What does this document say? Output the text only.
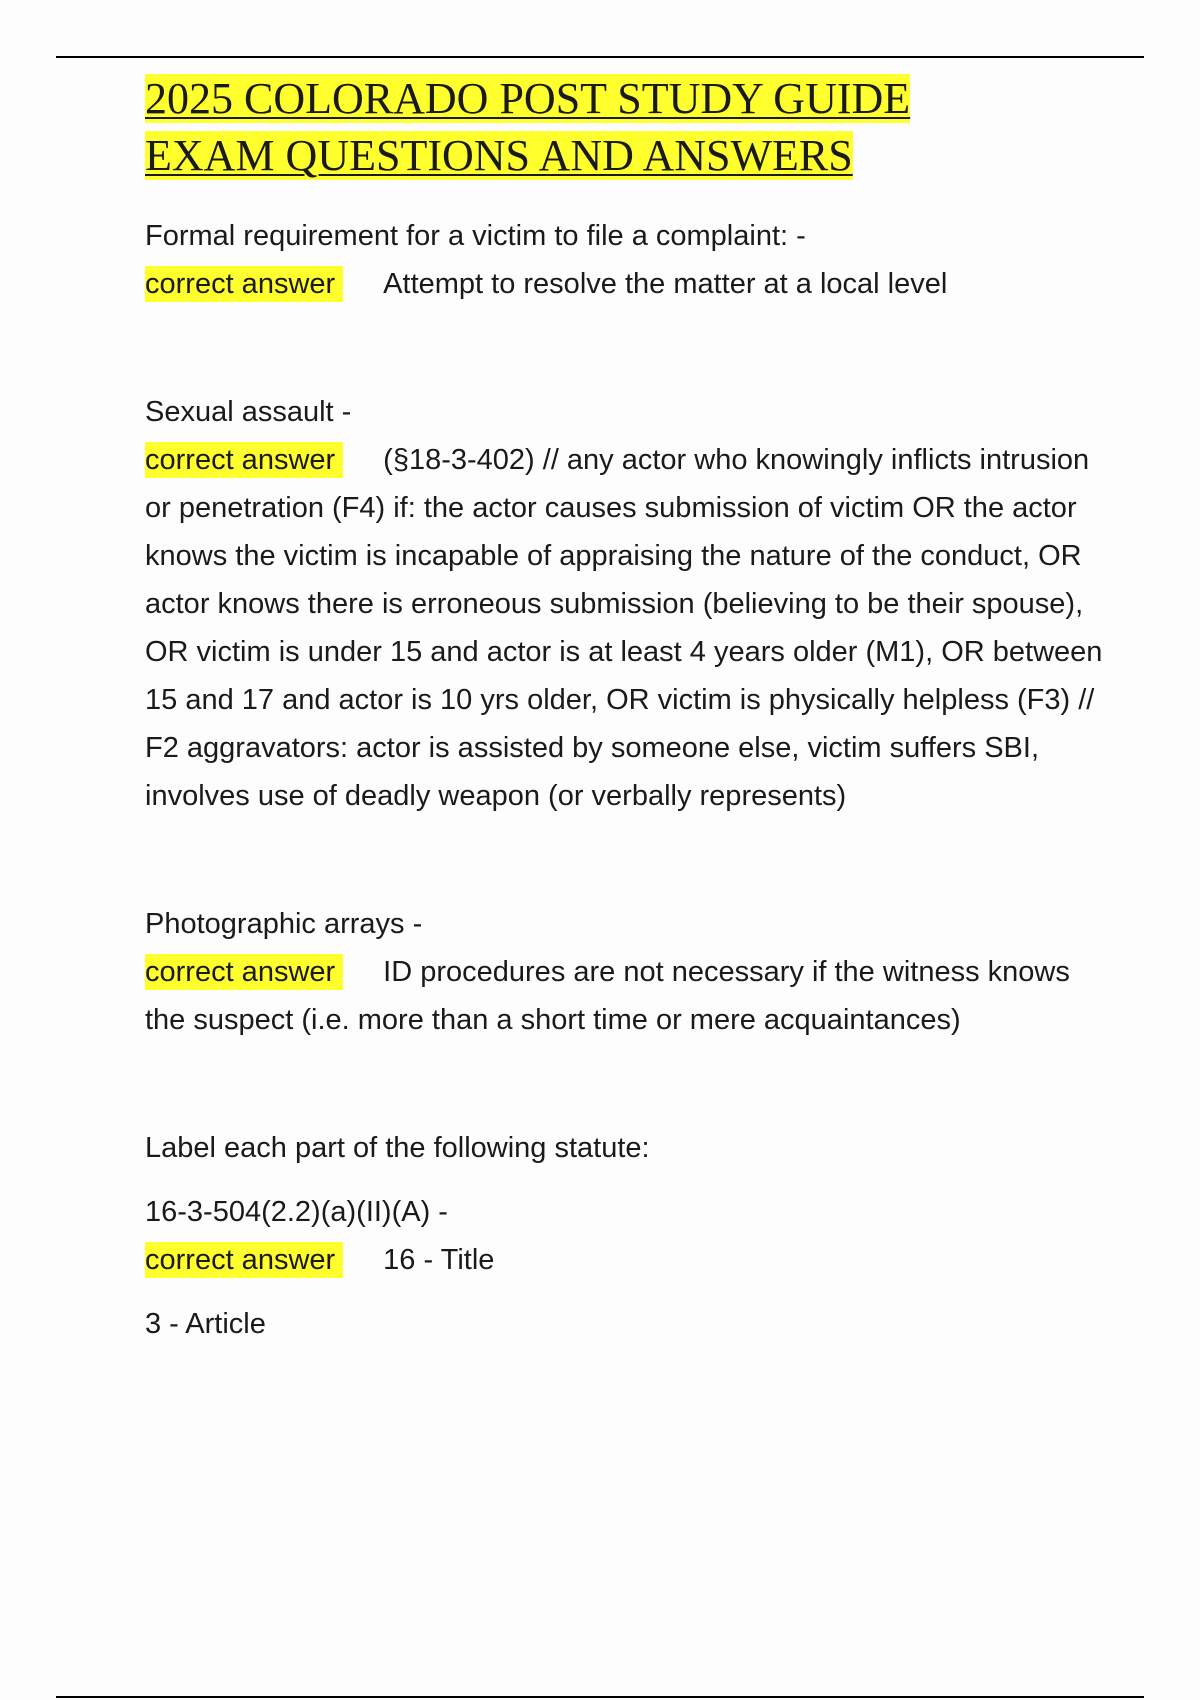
2025 COLORADO POST STUDY GUIDE
EXAM QUESTIONS AND ANSWERS

Formal requirement for a victim to file a complaint: -

correct answer Attempt to resolve the matter at a local level

Sexual assault -

correct answer (§18-3-402) // any actor who knowingly inflicts intrusion or penetration (F4) if: the actor causes submission of victim OR the actor knows the victim is incapable of appraising the nature of the conduct, OR actor knows there is erroneous submission (believing to be their spouse), OR victim is under 15 and actor is at least 4 years older (M1), OR between 15 and 17 and actor is 10 yrs older, OR victim is physically helpless (F3) // F2 aggravators: actor is assisted by someone else, victim suffers SBI, involves use of deadly weapon (or verbally represents)

Photographic arrays -

correct answer ID procedures are not necessary if the witness knows the suspect (i.e. more than a short time or mere acquaintances)

Label each part of the following statute:

16-3-504(2.2)(a)(II)(A) -

correct answer 16 - Title

3 - Article
